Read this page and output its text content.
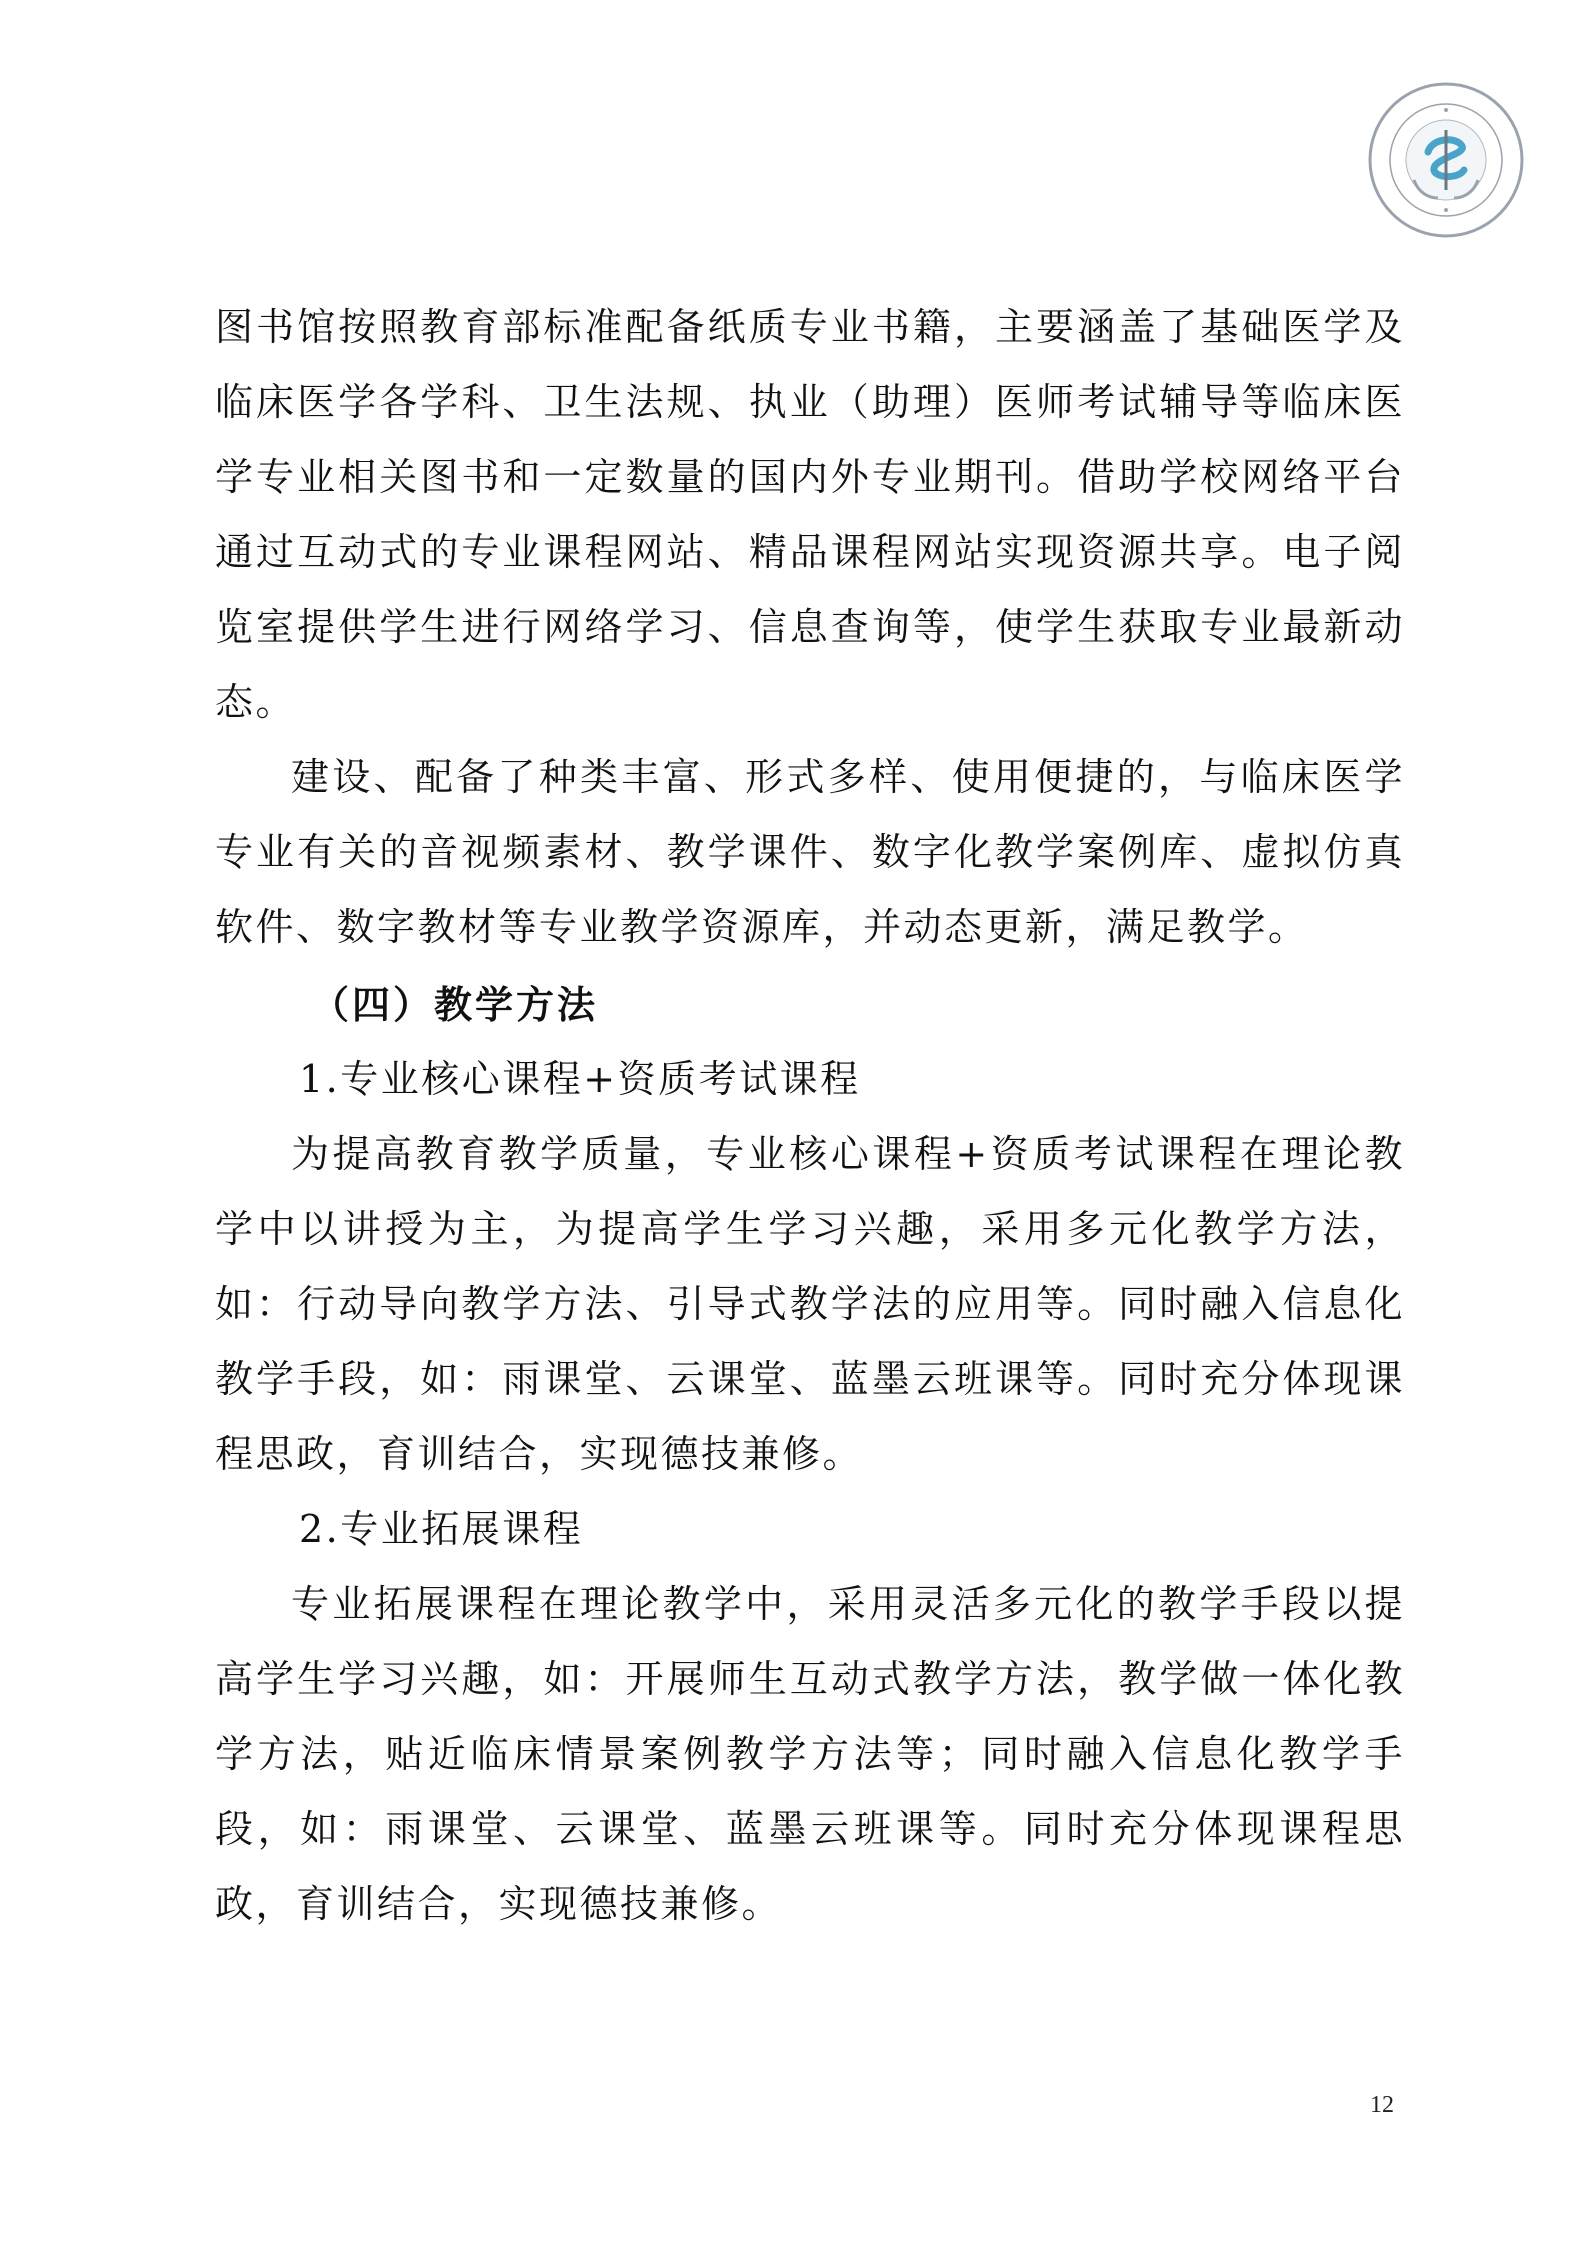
图书馆按照教育部标准配备纸质专业书籍，主要涵盖了基础医学及临床医学各学科、卫生法规、执业（助理）医师考试辅导等临床医学专业相关图书和一定数量的国内外专业期刊。借助学校网络平台通过互动式的专业课程网站、精品课程网站实现资源共享。电子阅览室提供学生进行网络学习、信息查询等，使学生获取专业最新动态。

建设、配备了种类丰富、形式多样、使用便捷的，与临床医学专业有关的音视频素材、教学课件、数字化教学案例库、虚拟仿真软件、数字教材等专业教学资源库，并动态更新，满足教学。

（四）教学方法

1.专业核心课程+资质考试课程

为提高教育教学质量，专业核心课程+资质考试课程在理论教学中以讲授为主，为提高学生学习兴趣，采用多元化教学方法，如：行动导向教学方法、引导式教学法的应用等。同时融入信息化教学手段，如：雨课堂、云课堂、蓝墨云班课等。同时充分体现课程思政，育训结合，实现德技兼修。

2.专业拓展课程

专业拓展课程在理论教学中，采用灵活多元化的教学手段以提高学生学习兴趣，如：开展师生互动式教学方法，教学做一体化教学方法，贴近临床情景案例教学方法等；同时融入信息化教学手段，如：雨课堂、云课堂、蓝墨云班课等。同时充分体现课程思政，育训结合，实现德技兼修。

12
